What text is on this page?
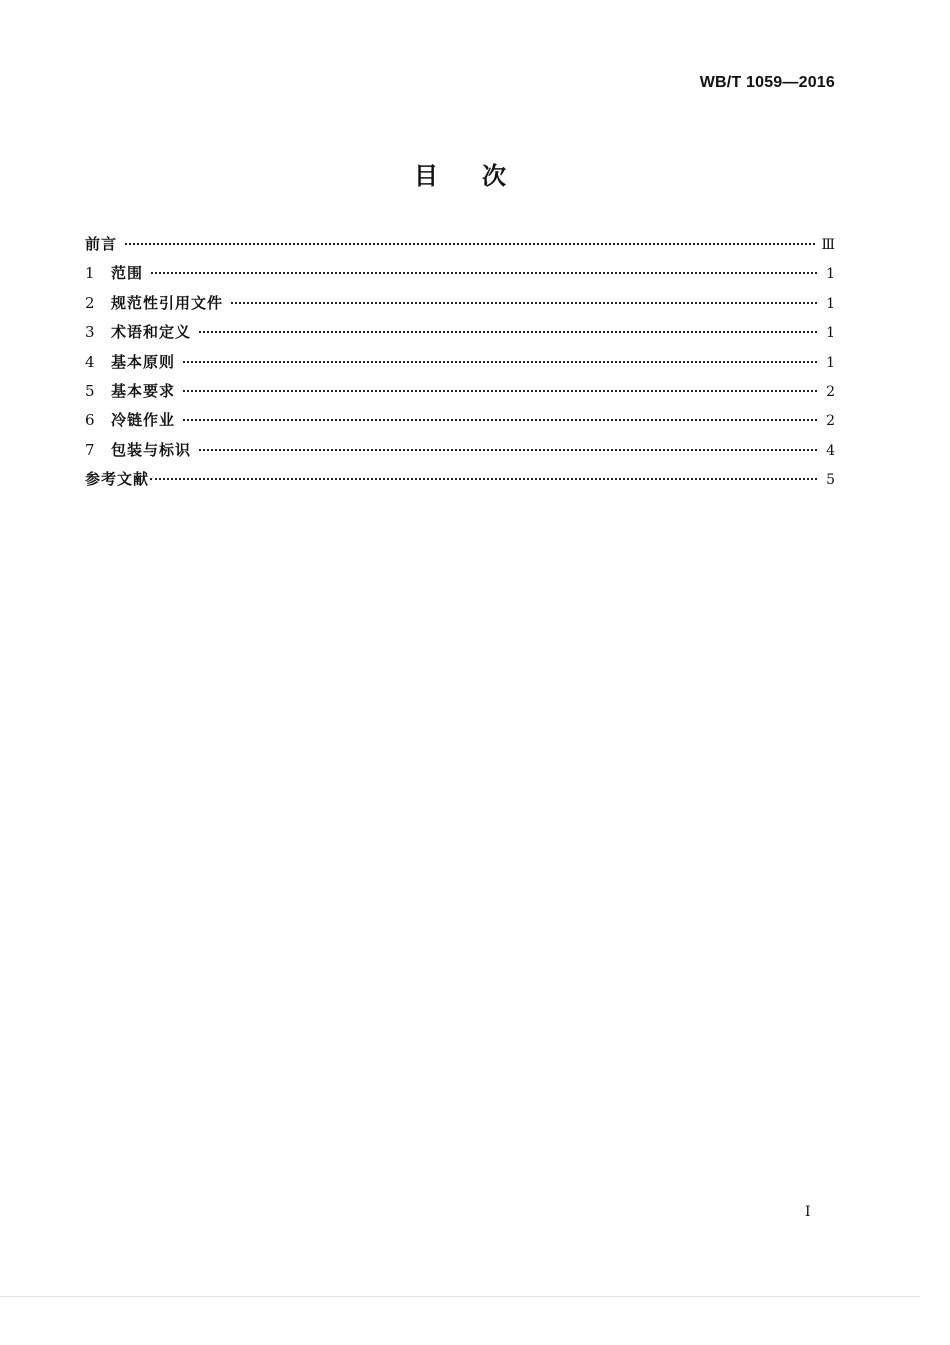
WB/T 1059—2016
目次
前言	Ⅲ
1	范围	1
2	规范性引用文件	1
3	术语和定义	1
4	基本原则	1
5	基本要求	2
6	冷链作业	2
7	包装与标识	4
参考文献	5
I
